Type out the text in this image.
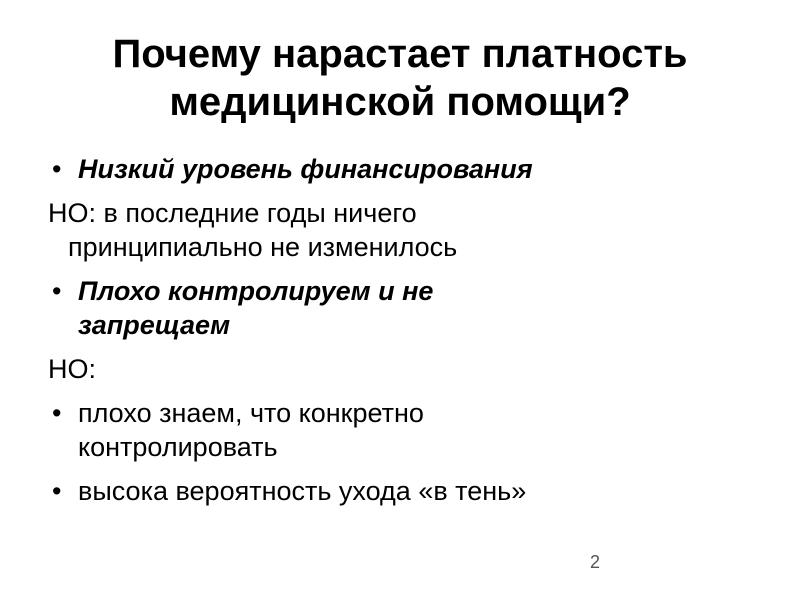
Почему нарастает платность
медицинской помощи?
• Низкий уровень финансирования
НО: в последние годы ничего
принципиально не изменилось
• Плохо контролируем и не
запрещаем
НО:
• плохо знаем, что конкретно
контролировать
• высока вероятность ухода «в тень»
2
